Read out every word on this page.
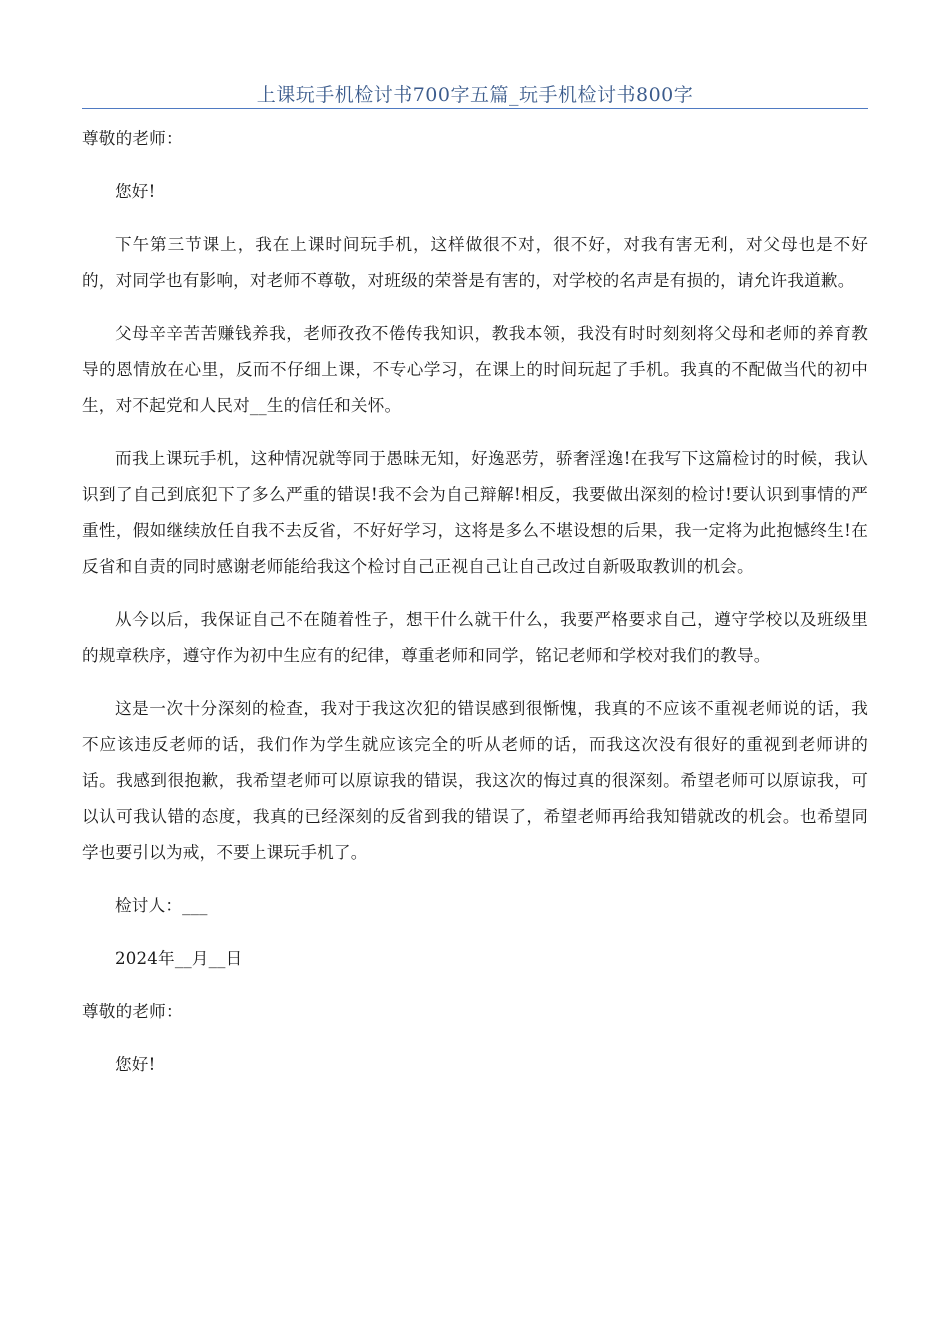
上课玩手机检讨书700字五篇_玩手机检讨书800字

尊敬的老师：

您好!

下午第三节课上，我在上课时间玩手机，这样做很不对，很不好，对我有害无利，对父母也是不好的，对同学也有影响，对老师不尊敬，对班级的荣誉是有害的，对学校的名声是有损的，请允许我道歉。

父母辛辛苦苦赚钱养我，老师孜孜不倦传我知识，教我本领，我没有时时刻刻将父母和老师的养育教导的恩情放在心里，反而不仔细上课，不专心学习，在课上的时间玩起了手机。我真的不配做当代的初中生，对不起党和人民对__生的信任和关怀。

而我上课玩手机，这种情况就等同于愚昧无知，好逸恶劳，骄奢淫逸!在我写下这篇检讨的时候，我认识到了自己到底犯下了多么严重的错误!我不会为自己辩解!相反，我要做出深刻的检讨!要认识到事情的严重性，假如继续放任自我不去反省，不好好学习，这将是多么不堪设想的后果，我一定将为此抱憾终生!在反省和自责的同时感谢老师能给我这个检讨自己正视自己让自己改过自新吸取教训的机会。

从今以后，我保证自己不在随着性子，想干什么就干什么，我要严格要求自己，遵守学校以及班级里的规章秩序，遵守作为初中生应有的纪律，尊重老师和同学，铭记老师和学校对我们的教导。

这是一次十分深刻的检查，我对于我这次犯的错误感到很惭愧，我真的不应该不重视老师说的话，我不应该违反老师的话，我们作为学生就应该完全的听从老师的话，而我这次没有很好的重视到老师讲的话。我感到很抱歉，我希望老师可以原谅我的错误，我这次的悔过真的很深刻。希望老师可以原谅我，可以认可我认错的态度，我真的已经深刻的反省到我的错误了，希望老师再给我知错就改的机会。也希望同学也要引以为戒，不要上课玩手机了。

检讨人：___

2024年__月__日

尊敬的老师：

您好!
